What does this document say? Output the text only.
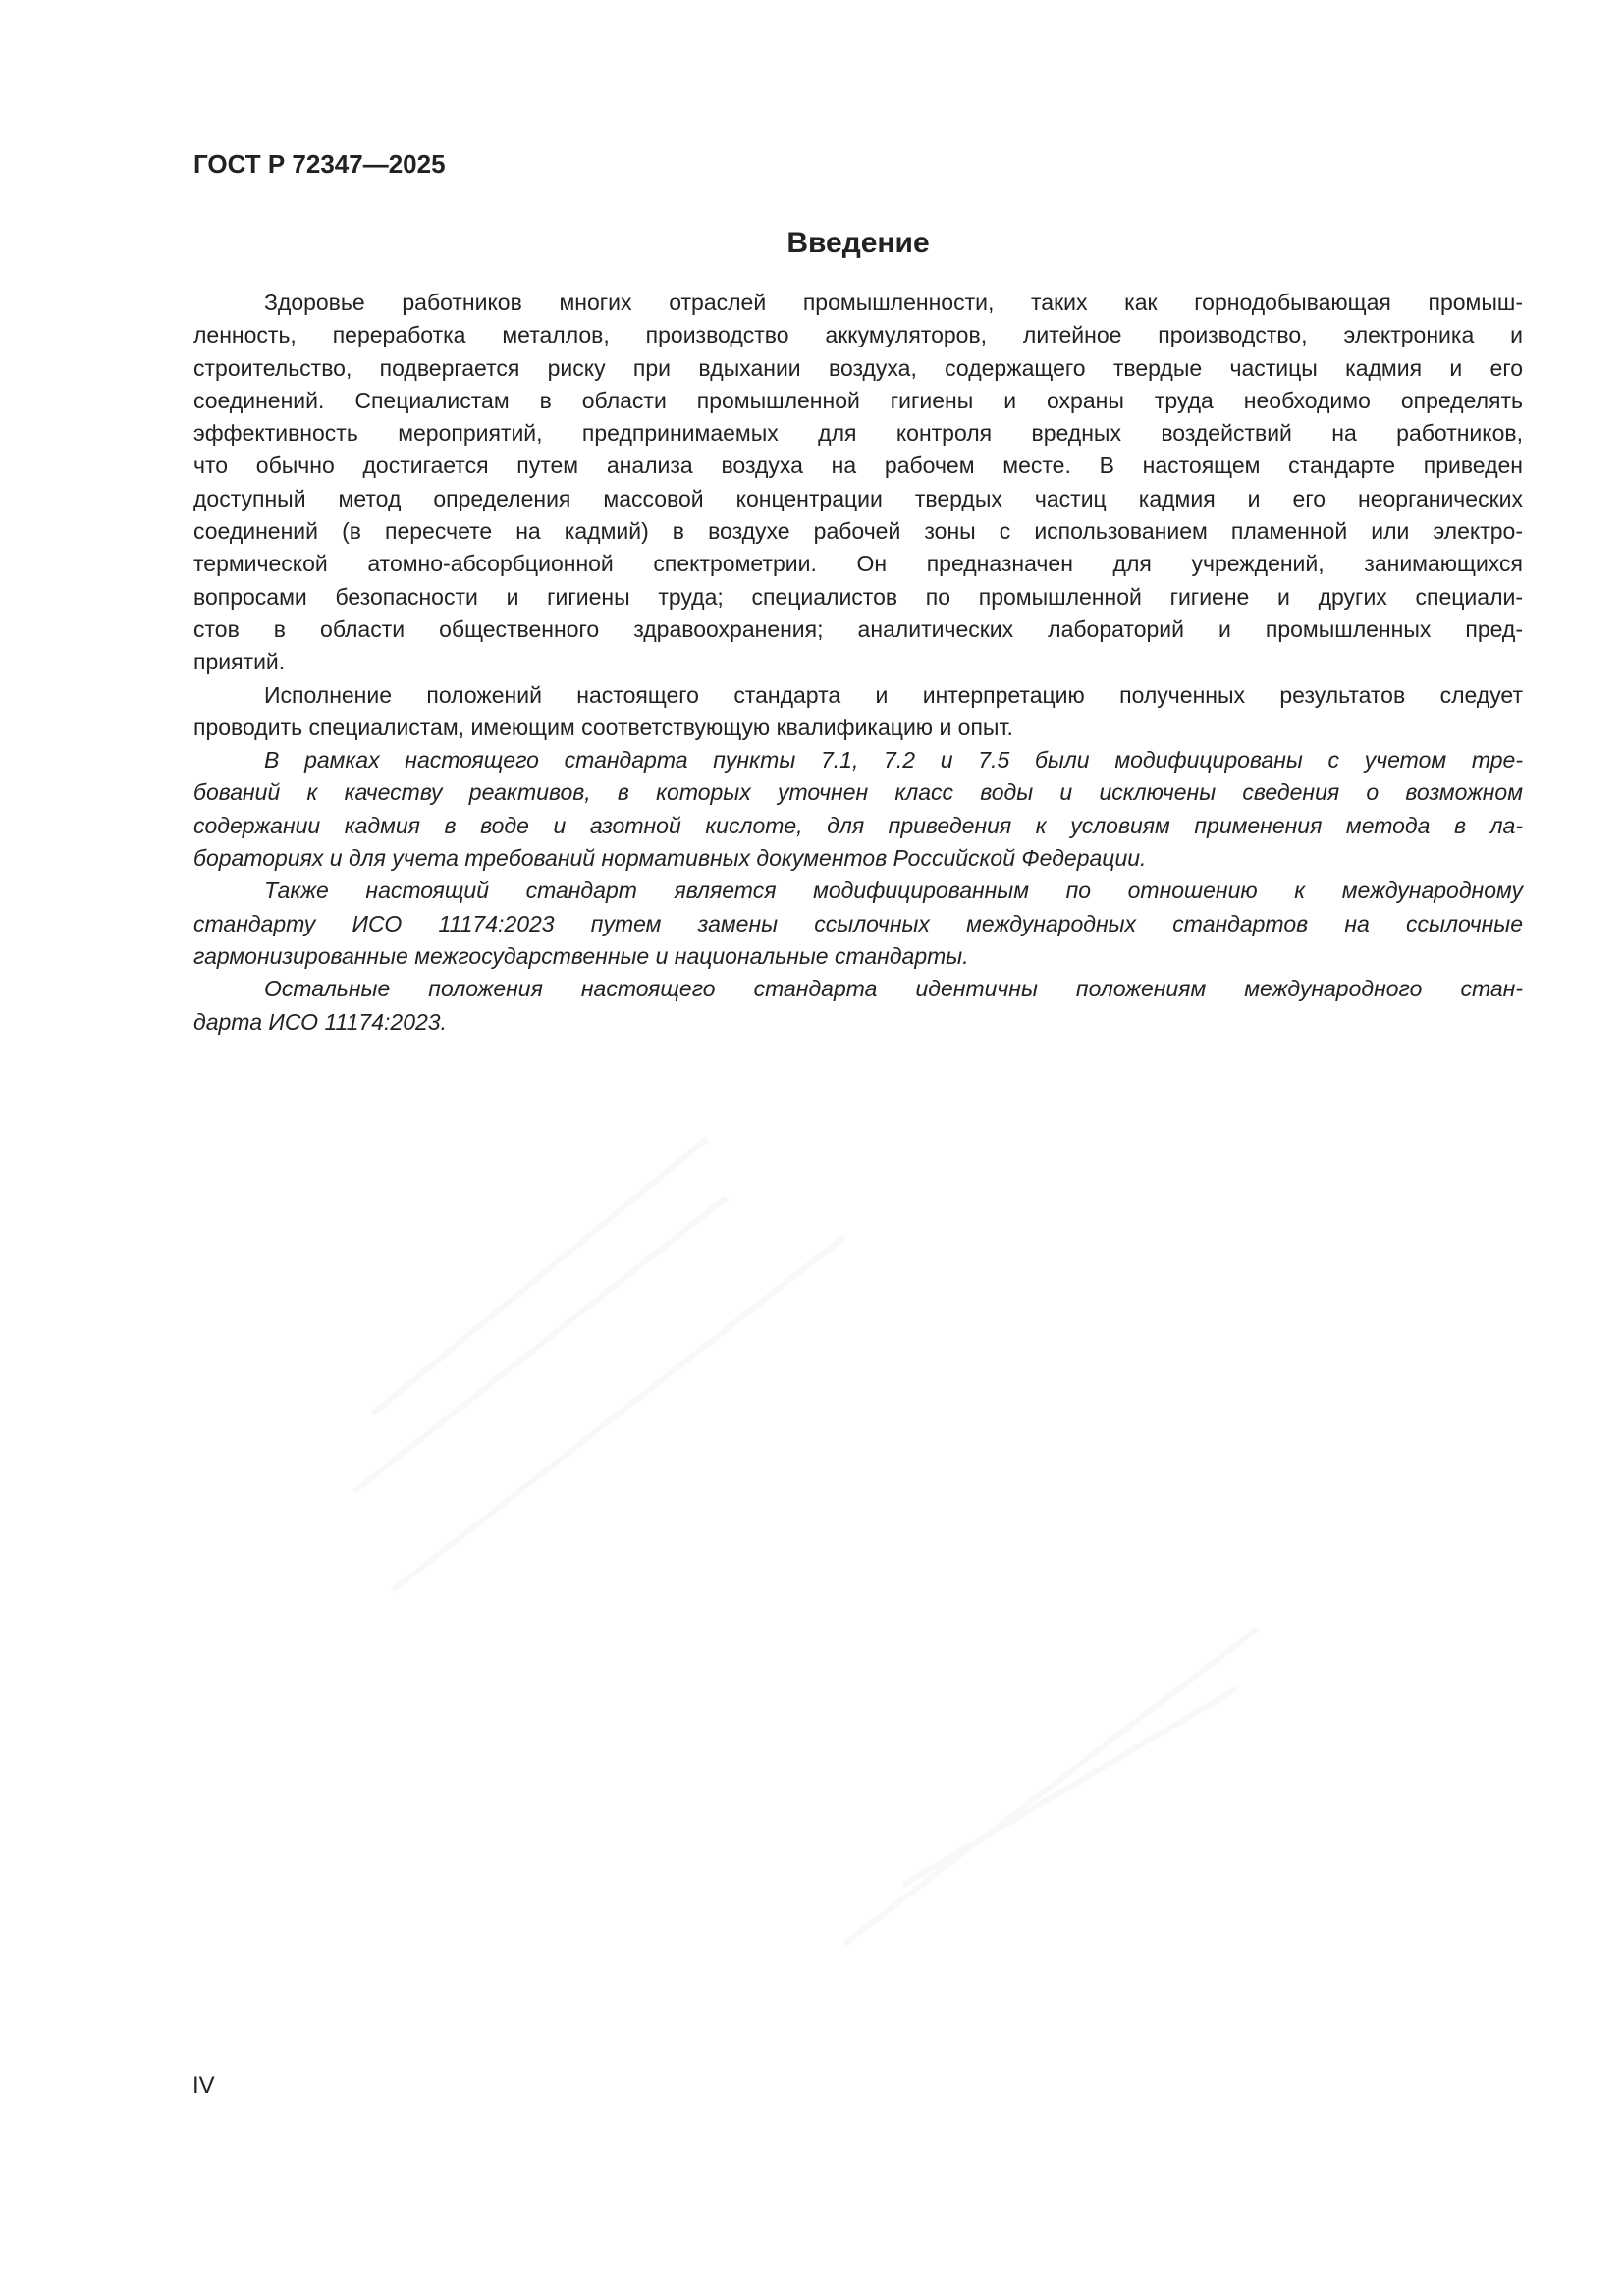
ГОСТ Р 72347—2025
Введение
Здоровье работников многих отраслей промышленности, таких как горнодобывающая промыш-
ленность, переработка металлов, производство аккумуляторов, литейное производство, электроника и
строительство, подвергается риску при вдыхании воздуха, содержащего твердые частицы кадмия и его
соединений. Специалистам в области промышленной гигиены и охраны труда необходимо определять
эффективность мероприятий, предпринимаемых для контроля вредных воздействий на работников,
что обычно достигается путем анализа воздуха на рабочем месте. В настоящем стандарте приведен
доступный метод определения массовой концентрации твердых частиц кадмия и его неорганических
соединений (в пересчете на кадмий) в воздухе рабочей зоны с использованием пламенной или электро-
термической атомно-абсорбционной спектрометрии. Он предназначен для учреждений, занимающихся
вопросами безопасности и гигиены труда; специалистов по промышленной гигиене и других специали-
стов в области общественного здравоохранения; аналитических лабораторий и промышленных пред-
приятий.
Исполнение положений настоящего стандарта и интерпретацию полученных результатов следует
проводить специалистам, имеющим соответствующую квалификацию и опыт.
В рамках настоящего стандарта пункты 7.1, 7.2 и 7.5 были модифицированы с учетом тре-
бований к качеству реактивов, в которых уточнен класс воды и исключены сведения о возможном
содержании кадмия в воде и азотной кислоте, для приведения к условиям применения метода в ла-
бораториях и для учета требований нормативных документов Российской Федерации.
Также настоящий стандарт является модифицированным по отношению к международному
стандарту ИСО 11174:2023 путем замены ссылочных международных стандартов на ссылочные
гармонизированные межгосударственные и национальные стандарты.
Остальные положения настоящего стандарта идентичны положениям международного стан-
дарта ИСО 11174:2023.
IV
